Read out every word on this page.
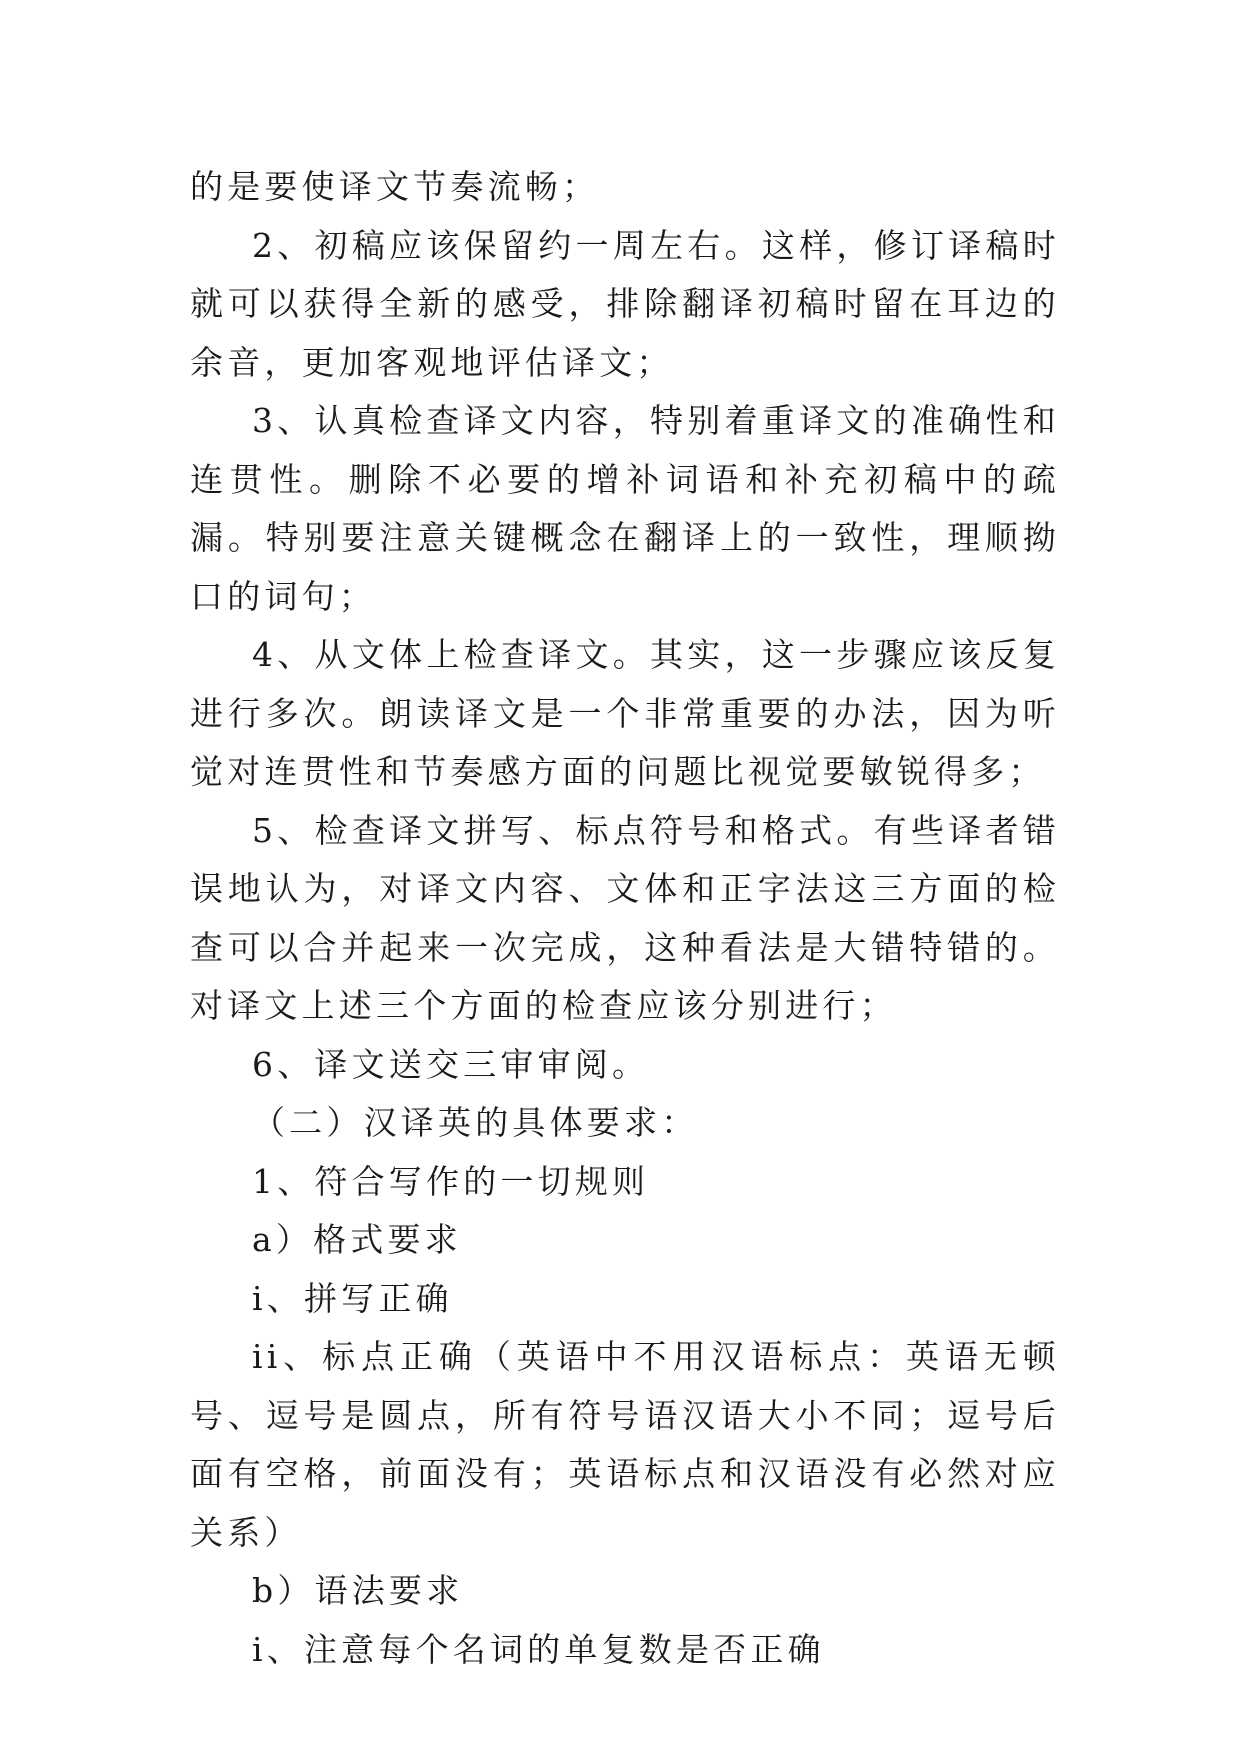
的是要使译文节奏流畅；

2、初稿应该保留约一周左右。这样，修订译稿时就可以获得全新的感受，排除翻译初稿时留在耳边的余音，更加客观地评估译文；

3、认真检查译文内容，特别着重译文的准确性和连贯性。删除不必要的增补词语和补充初稿中的疏漏。特别要注意关键概念在翻译上的一致性，理顺拗口的词句；

4、从文体上检查译文。其实，这一步骤应该反复进行多次。朗读译文是一个非常重要的办法，因为听觉对连贯性和节奏感方面的问题比视觉要敏锐得多；

5、检查译文拼写、标点符号和格式。有些译者错误地认为，对译文内容、文体和正字法这三方面的检查可以合并起来一次完成，这种看法是大错特错的。对译文上述三个方面的检查应该分别进行；

6、译文送交三审审阅。

（二）汉译英的具体要求：

1、符合写作的一切规则

a）格式要求

i、拼写正确

ii、标点正确（英语中不用汉语标点：英语无顿号、逗号是圆点，所有符号语汉语大小不同；逗号后面有空格，前面没有；英语标点和汉语没有必然对应关系）

b）语法要求

i、注意每个名词的单复数是否正确
